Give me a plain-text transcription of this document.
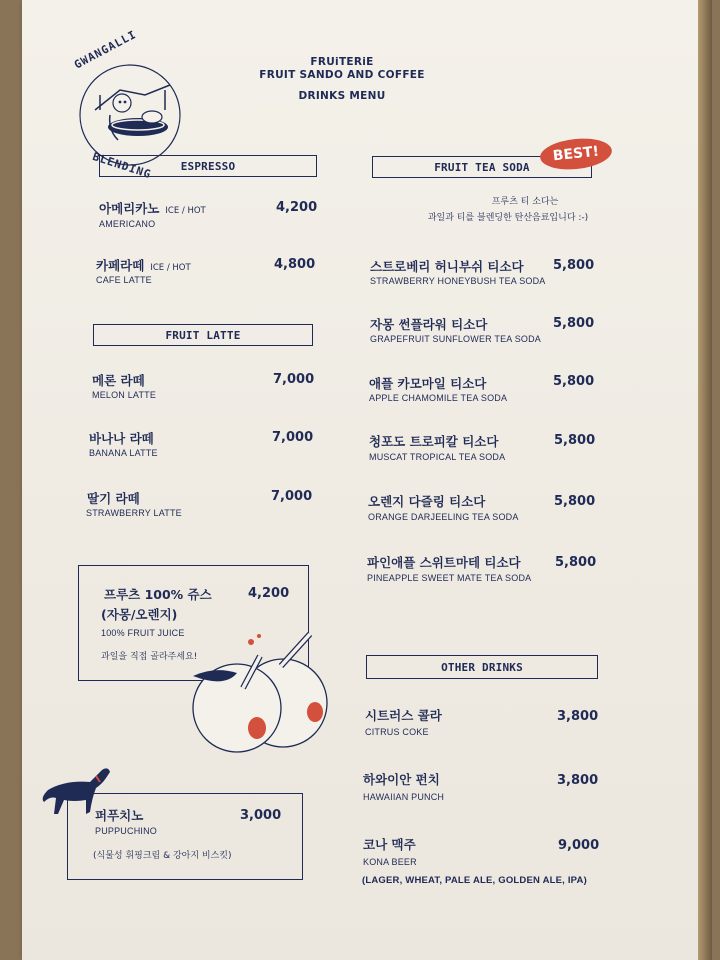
GWANGALLI
BLENDING
FRUiTERiE
FRUIT SANDO AND COFFEE
DRINKS MENU
ESPRESSO
아메리카노 ICE / HOT
AMERICANO
4,200
카페라떼 ICE / HOT
CAFE LATTE
4,800
FRUIT LATTE
메론 라떼
MELON LATTE
7,000
바나나 라떼
BANANA LATTE
7,000
딸기 라떼
STRAWBERRY LATTE
7,000
프루츠 100% 쥬스
(자몽/오렌지)
100% FRUIT JUICE
과일을 직접 골라주세요!
4,200
퍼푸치노
PUPPUCHINO
(식물성 휘핑크림 & 강아지 비스킷)
3,000
FRUIT TEA SODA
BEST!
프루츠 티 소다는
과일과 티를 블렌딩한 탄산음료입니다 :-)
스트로베리 허니부쉬 티소다
STRAWBERRY HONEYBUSH TEA SODA
5,800
자몽 썬플라워 티소다
GRAPEFRUIT SUNFLOWER TEA SODA
5,800
애플 카모마일 티소다
APPLE CHAMOMILE TEA SODA
5,800
청포도 트로피칼 티소다
MUSCAT TROPICAL TEA SODA
5,800
오렌지 다즐링 티소다
ORANGE DARJEELING TEA SODA
5,800
파인애플 스위트마테 티소다
PINEAPPLE SWEET MATE TEA SODA
5,800
OTHER DRINKS
시트러스 콜라
CITRUS COKE
3,800
하와이안 펀치
HAWAIIAN PUNCH
3,800
코나 맥주
KONA BEER
9,000
(LAGER, WHEAT, PALE ALE, GOLDEN ALE, IPA)
